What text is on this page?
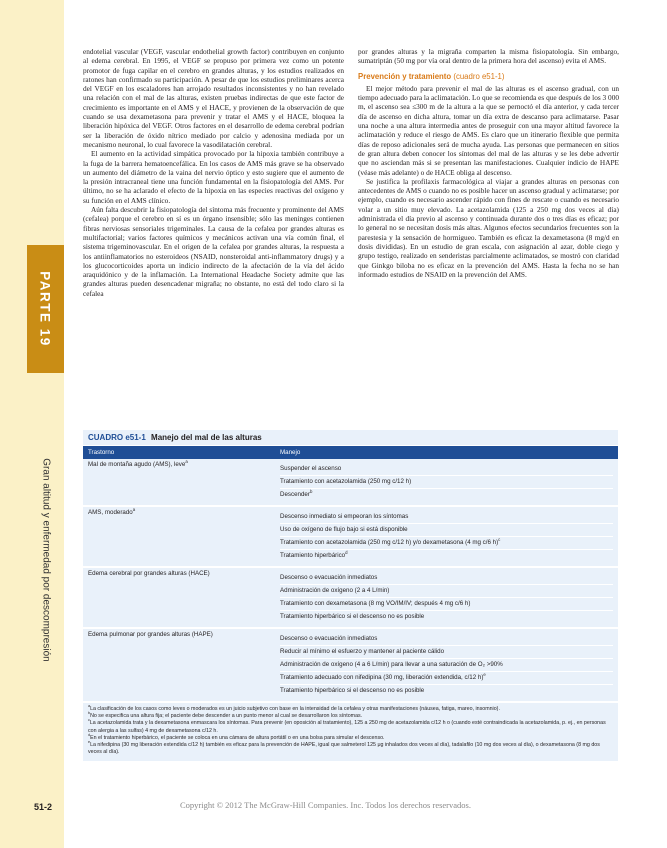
PARTE 19
Gran altitud y enfermedad por descompresión
51-2

endotelial vascular (VEGF, vascular endothelial growth factor) contribuyen en conjunto al edema cerebral. En 1995, el VEGF se propuso por primera vez como un potente promotor de fuga capilar en el cerebro en grandes alturas, y los estudios realizados en ratones han confirmado su participación. A pesar de que los estudios preliminares acerca del VEGF en los escaladores han arrojado resultados inconsistentes y no han revelado una relación con el mal de las alturas, existen pruebas indirectas de que este factor de crecimiento es importante en el AMS y el HACE, y provienen de la observación de que cuando se usa dexametasona para prevenir y tratar el AMS y el HACE, bloquea la liberación hipóxica del VEGF. Otros factores en el desarrollo de edema cerebral podrían ser la liberación de óxido nítrico mediado por calcio y adenosina mediada por un mecanismo neuronal, lo cual favorece la vasodilatación cerebral.

El aumento en la actividad simpática provocado por la hipoxia también contribuye a la fuga de la barrera hematoencefálica. En los casos de AMS más grave se ha observado un aumento del diámetro de la vaina del nervio óptico y esto sugiere que el aumento de la presión intracraneal tiene una función fundamental en la fisiopatología del AMS. Por último, no se ha aclarado el efecto de la hipoxia en las especies reactivas del oxígeno y su función en el AMS clínico.

Aún falta descubrir la fisiopatología del síntoma más frecuente y prominente del AMS (cefalea) porque el cerebro en sí es un órgano insensible; sólo las meninges contienen fibras nerviosas sensoriales trigeminales. La causa de la cefalea por grandes alturas es multifactorial; varios factores químicos y mecánicos activan una vía común final, el sistema trigeminovascular. En el origen de la cefalea por grandes alturas, la respuesta a los antiinflamatorios no esteroideos (NSAID, nonsteroidal anti-inflammatory drugs) y a los glucocorticoides aporta un indicio indirecto de la afectación de la vía del ácido araquidónico y de la inflamación. La International Headache Society admite que las grandes alturas pueden desencadenar migraña; no obstante, no está del todo claro si la cefalea

por grandes alturas y la migraña comparten la misma fisiopatología. Sin embargo, sumatriptán (50 mg por vía oral dentro de la primera hora del ascenso) evita el AMS.

Prevención y tratamiento (cuadro e51-1)

El mejor método para prevenir el mal de las alturas es el ascenso gradual, con un tiempo adecuado para la aclimatación. Lo que se recomienda es que después de los 3 000 m, el ascenso sea ≤300 m de la altura a la que se pernoctó el día anterior, y cada tercer día de ascenso en dicha altura, tomar un día extra de descanso para aclimatarse. Pasar una noche a una altura intermedia antes de proseguir con una mayor altitud favorece la aclimatación y reduce el riesgo de AMS. Es claro que un itinerario flexible que permita días de reposo adicionales será de mucha ayuda. Las personas que permanecen en sitios de gran altura deben conocer los síntomas del mal de las alturas y se les debe advertir que no asciendan más si se presentan las manifestaciones. Cualquier indicio de HAPE (véase más adelante) o de HACE obliga al descenso.

Se justifica la profilaxis farmacológica al viajar a grandes alturas en personas con antecedentes de AMS o cuando no es posible hacer un ascenso gradual y aclimatarse; por ejemplo, cuando es necesario ascender rápido con fines de rescate o cuando es necesario volar a un sitio muy elevado. La acetazolamida (125 a 250 mg dos veces al día) administrada el día previo al ascenso y continuada durante dos o tres días es eficaz; por lo general no se necesitan dosis más altas. Algunos efectos secundarios frecuentes son la parestesia y la sensación de hormigueo. También es eficaz la dexametasona (8 mg/d en dosis divididas). En un estudio de gran escala, con asignación al azar, doble ciego y grupo testigo, realizado en senderistas parcialmente aclimatados, se mostró con claridad que Ginkgo biloba no es eficaz en la prevención del AMS. Hasta la fecha no se han informado estudios de NSAID en la prevención del AMS.

CUADRO e51-1 Manejo del mal de las alturas
Trastorno	Manejo
Mal de montaña agudo (AMS), leve$^a$	Suspender el ascenso
Tratamiento con acetazolamida (250 mg c/12 h)
Descender$^b$

AMS, moderado$^a$	Descenso inmediato si empeoran los síntomas
Uso de oxígeno de flujo bajo si está disponible
Tratamiento con acetazolamida (250 mg c/12 h) y/o dexametasona (4 mg c/6 h)$^c$
Tratamiento hiperbárico$^d$

Edema cerebral por grandes alturas (HACE)	Descenso o evacuación inmediatos
Administración de oxígeno (2 a 4 L/min)
Tratamiento con dexametasona (8 mg VO/IM/IV; después 4 mg c/6 h)
Tratamiento hiperbárico si el descenso no es posible

Edema pulmonar por grandes alturas (HAPE)	Descenso o evacuación inmediatos
Reducir al mínimo el esfuerzo y mantener al paciente cálido
Administración de oxígeno (4 a 6 L/min) para llevar a una saturación de O₂ >90%
Tratamiento adecuado con nifedipina (30 mg, liberación extendida, c/12 h)$^e$
Tratamiento hiperbárico si el descenso no es posible
$^a$La clasificación de los casos como leves o moderados es un juicio subjetivo con base en la intensidad de la cefalea y otras manifestaciones (náusea, fatiga, mareo, insomnio).
$^b$No se especifica una altura fija; el paciente debe descender a un punto menor al cual se desarrollaron los síntomas.
$^c$La acetazolamida trata y la dexametasona enmascara los síntomas. Para prevenir (en oposición al tratamiento), 125 a 250 mg de acetazolamida c/12 h o (cuando esté contraindicada la acetazolamida, p. ej., en personas con alergia a las sulfas) 4 mg de dexametasona c/12 h.
$^d$En el tratamiento hiperbárico, el paciente se coloca en una cámara de altura portátil o en una bolsa para simular el descenso.
$^e$La nifedipina (30 mg liberación extendida c/12 h) también es eficaz para la prevención de HAPE, igual que salmeterol 125 μg inhalados dos veces al día), tadalafilo (10 mg dos veces al día), o dexametasona (8 mg dos veces al día).
Copyright © 2012 The McGraw-Hill Companies. Inc. Todos los derechos reservados.
